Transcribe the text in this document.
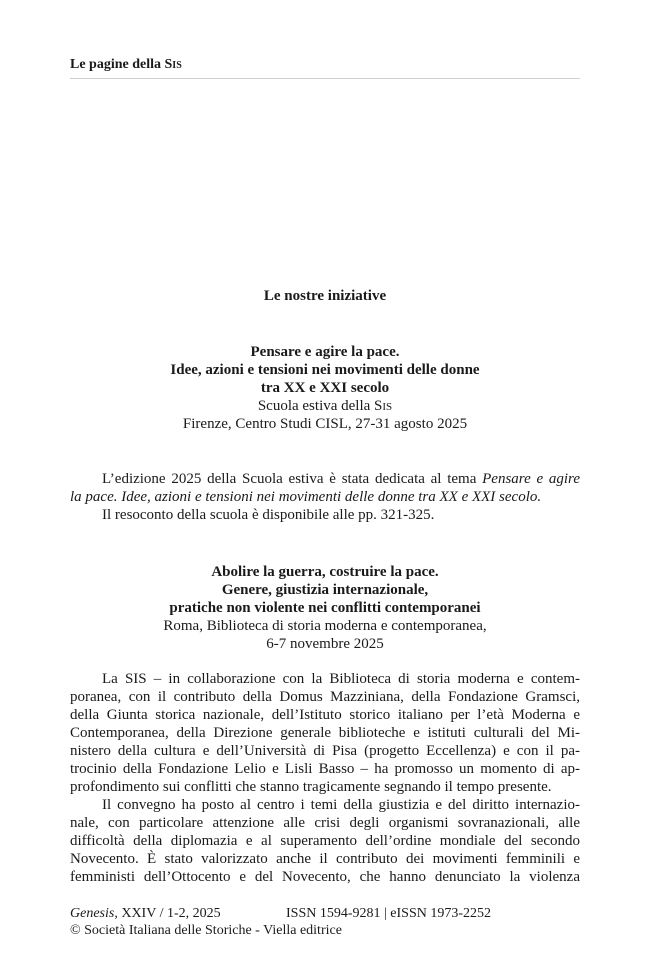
Le pagine della Sis
Le nostre iniziative
Pensare e agire la pace.
Idee, azioni e tensioni nei movimenti delle donne
tra XX e XXI secolo
Scuola estiva della Sis
Firenze, Centro Studi CISL, 27-31 agosto 2025
L’edizione 2025 della Scuola estiva è stata dedicata al tema Pensare e agire
la pace. Idee, azioni e tensioni nei movimenti delle donne tra XX e XXI secolo.
Il resoconto della scuola è disponibile alle pp. 321-325.
Abolire la guerra, costruire la pace.
Genere, giustizia internazionale,
pratiche non violente nei conflitti contemporanei
Roma, Biblioteca di storia moderna e contemporanea,
6-7 novembre 2025
La SIS – in collaborazione con la Biblioteca di storia moderna e contem-
poranea, con il contributo della Domus Mazziniana, della Fondazione Gramsci,
della Giunta storica nazionale, dell’Istituto storico italiano per l’età Moderna e
Contemporanea, della Direzione generale biblioteche e istituti culturali del Mi-
nistero della cultura e dell’Università di Pisa (progetto Eccellenza) e con il pa-
trocinio della Fondazione Lelio e Lisli Basso – ha promosso un momento di ap-
profondimento sui conflitti che stanno tragicamente segnando il tempo presente.
Il convegno ha posto al centro i temi della giustizia e del diritto internazio-
nale, con particolare attenzione alle crisi degli organismi sovranazionali, alle
difficoltà della diplomazia e al superamento dell’ordine mondiale del secondo
Novecento. È stato valorizzato anche il contributo dei movimenti femminili e
femministi dell’Ottocento e del Novecento, che hanno denunciato la violenza
Genesis, XXIV / 1-2, 2025	ISSN 1594-9281 | eISSN 1973-2252
© Società Italiana delle Storiche - Viella editrice
